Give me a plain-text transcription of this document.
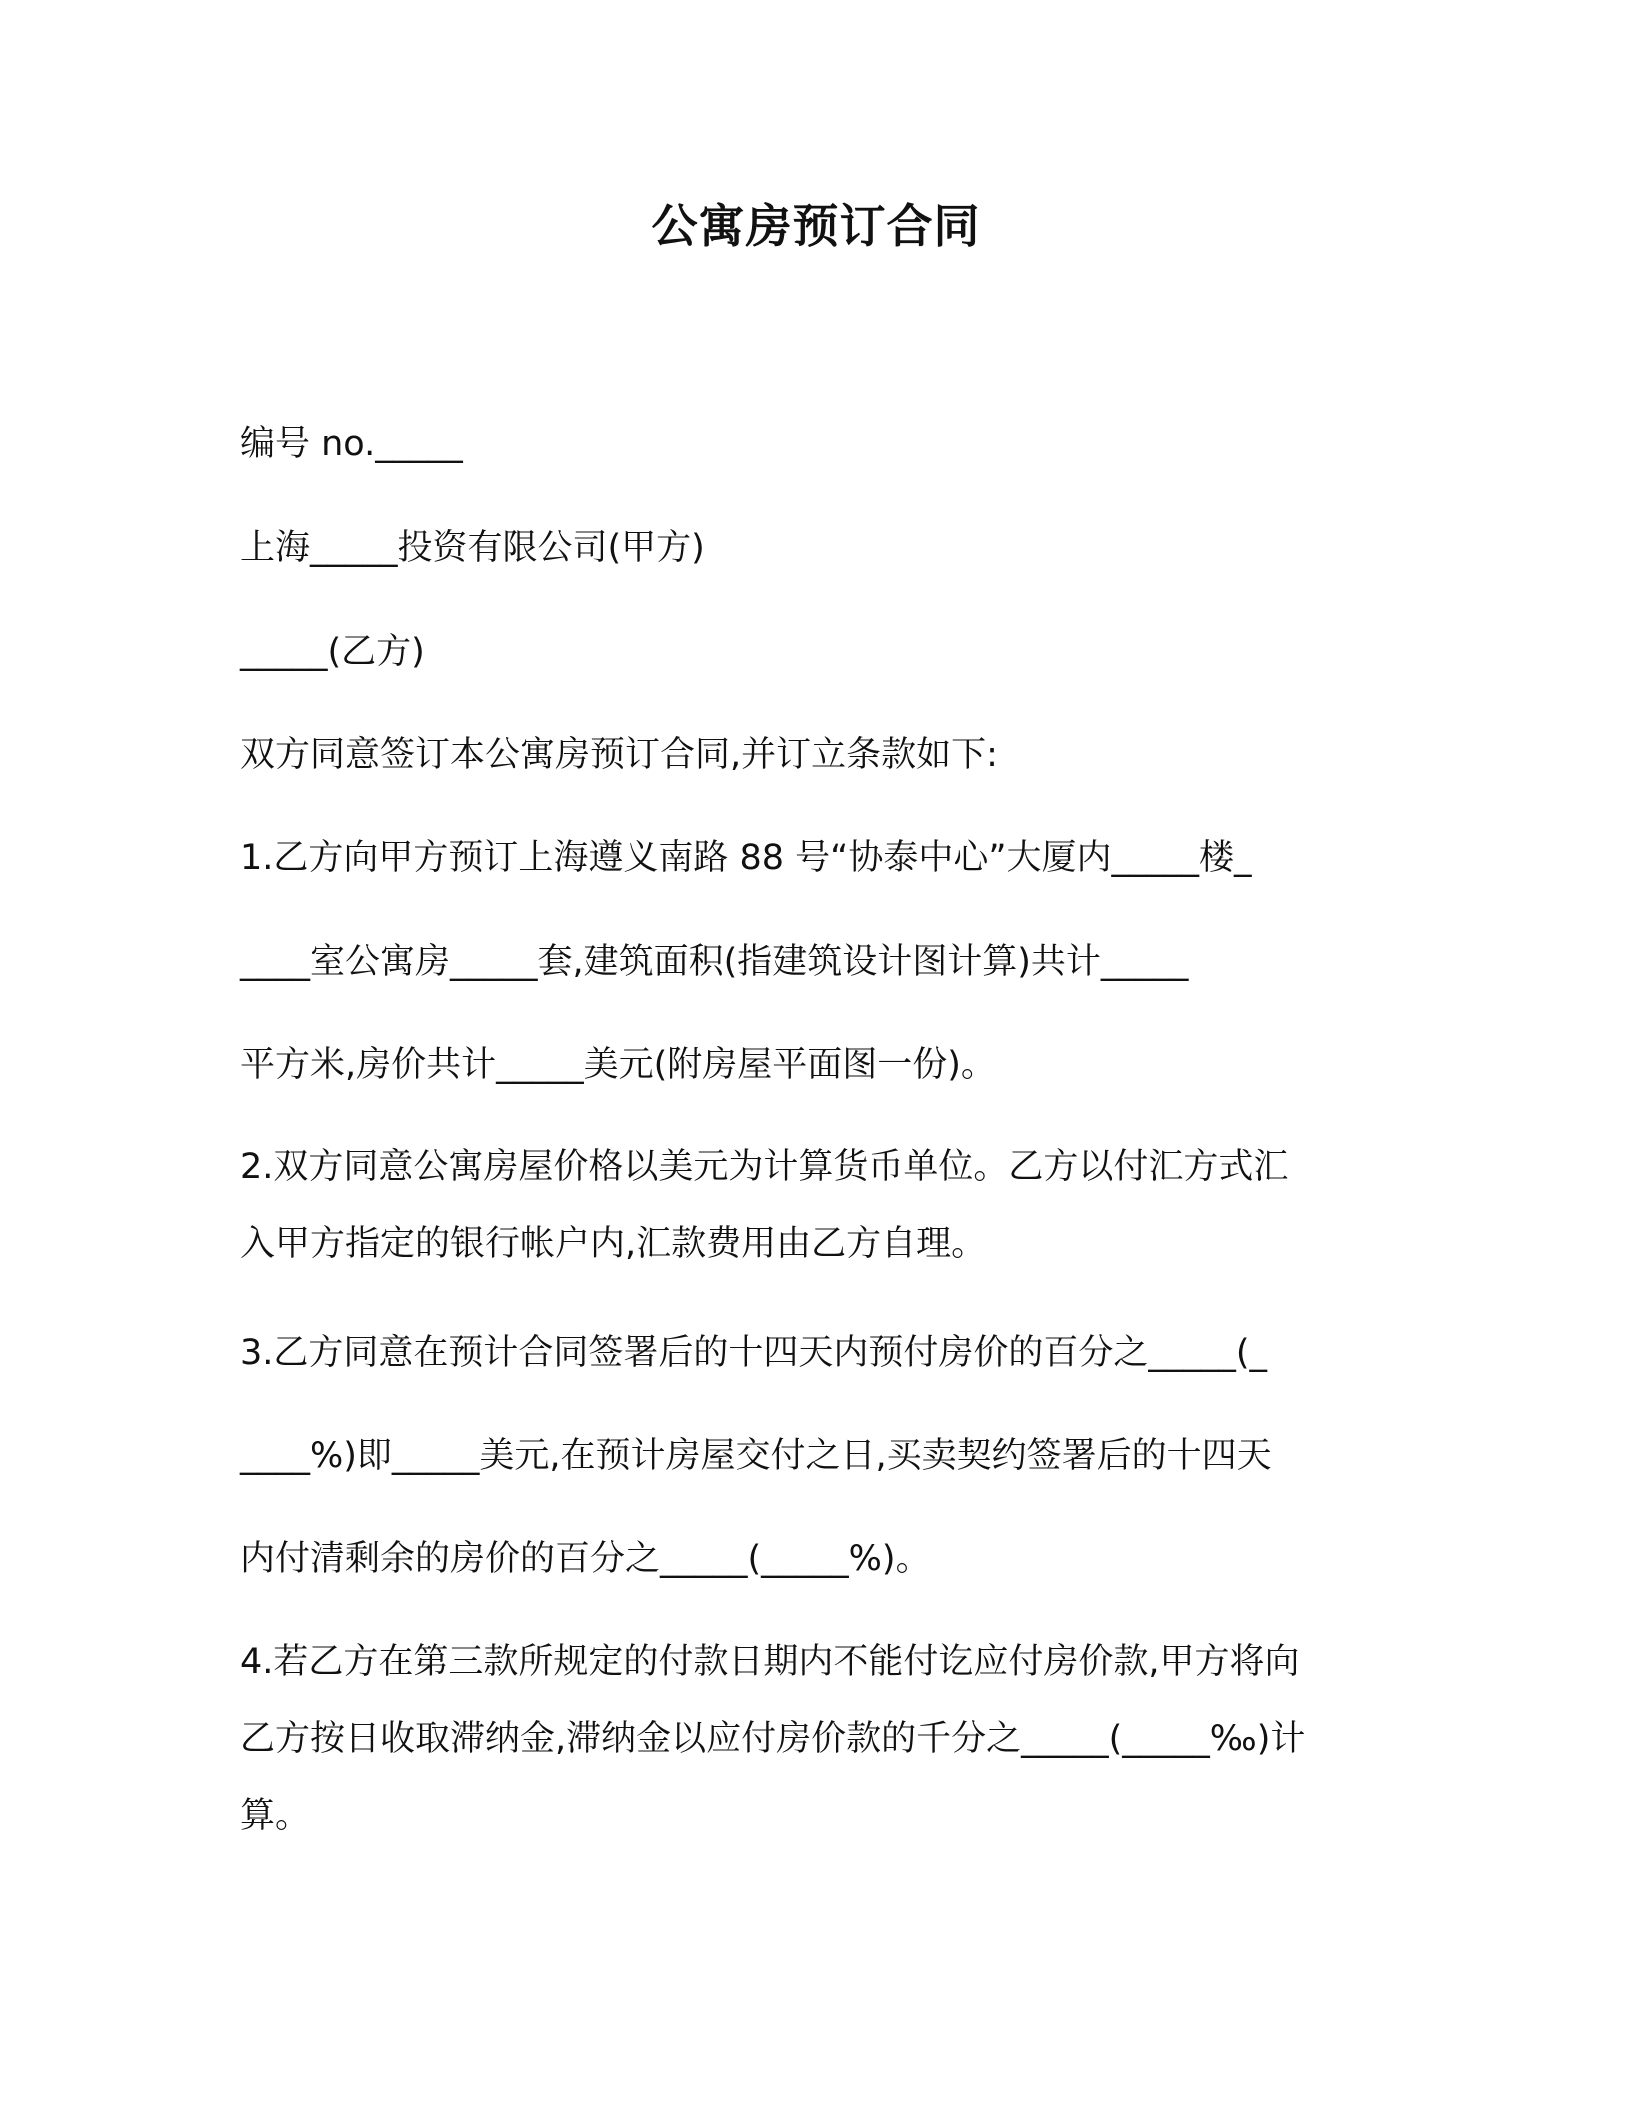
公寓房预订合同
编号 no._____
上海_____投资有限公司(甲方)
_____(乙方)
双方同意签订本公寓房预订合同,并订立条款如下:
1.乙方向甲方预订上海遵义南路 88 号“协泰中心”大厦内_____楼_
____室公寓房_____套,建筑面积(指建筑设计图计算)共计_____
平方米,房价共计_____美元(附房屋平面图一份)。
2.双方同意公寓房屋价格以美元为计算货币单位。乙方以付汇方式汇
入甲方指定的银行帐户内,汇款费用由乙方自理。
3.乙方同意在预计合同签署后的十四天内预付房价的百分之_____(_
____%)即_____美元,在预计房屋交付之日,买卖契约签署后的十四天
内付清剩余的房价的百分之_____(_____%)。
4.若乙方在第三款所规定的付款日期内不能付讫应付房价款,甲方将向
乙方按日收取滞纳金,滞纳金以应付房价款的千分之_____(_____‰)计
算。
